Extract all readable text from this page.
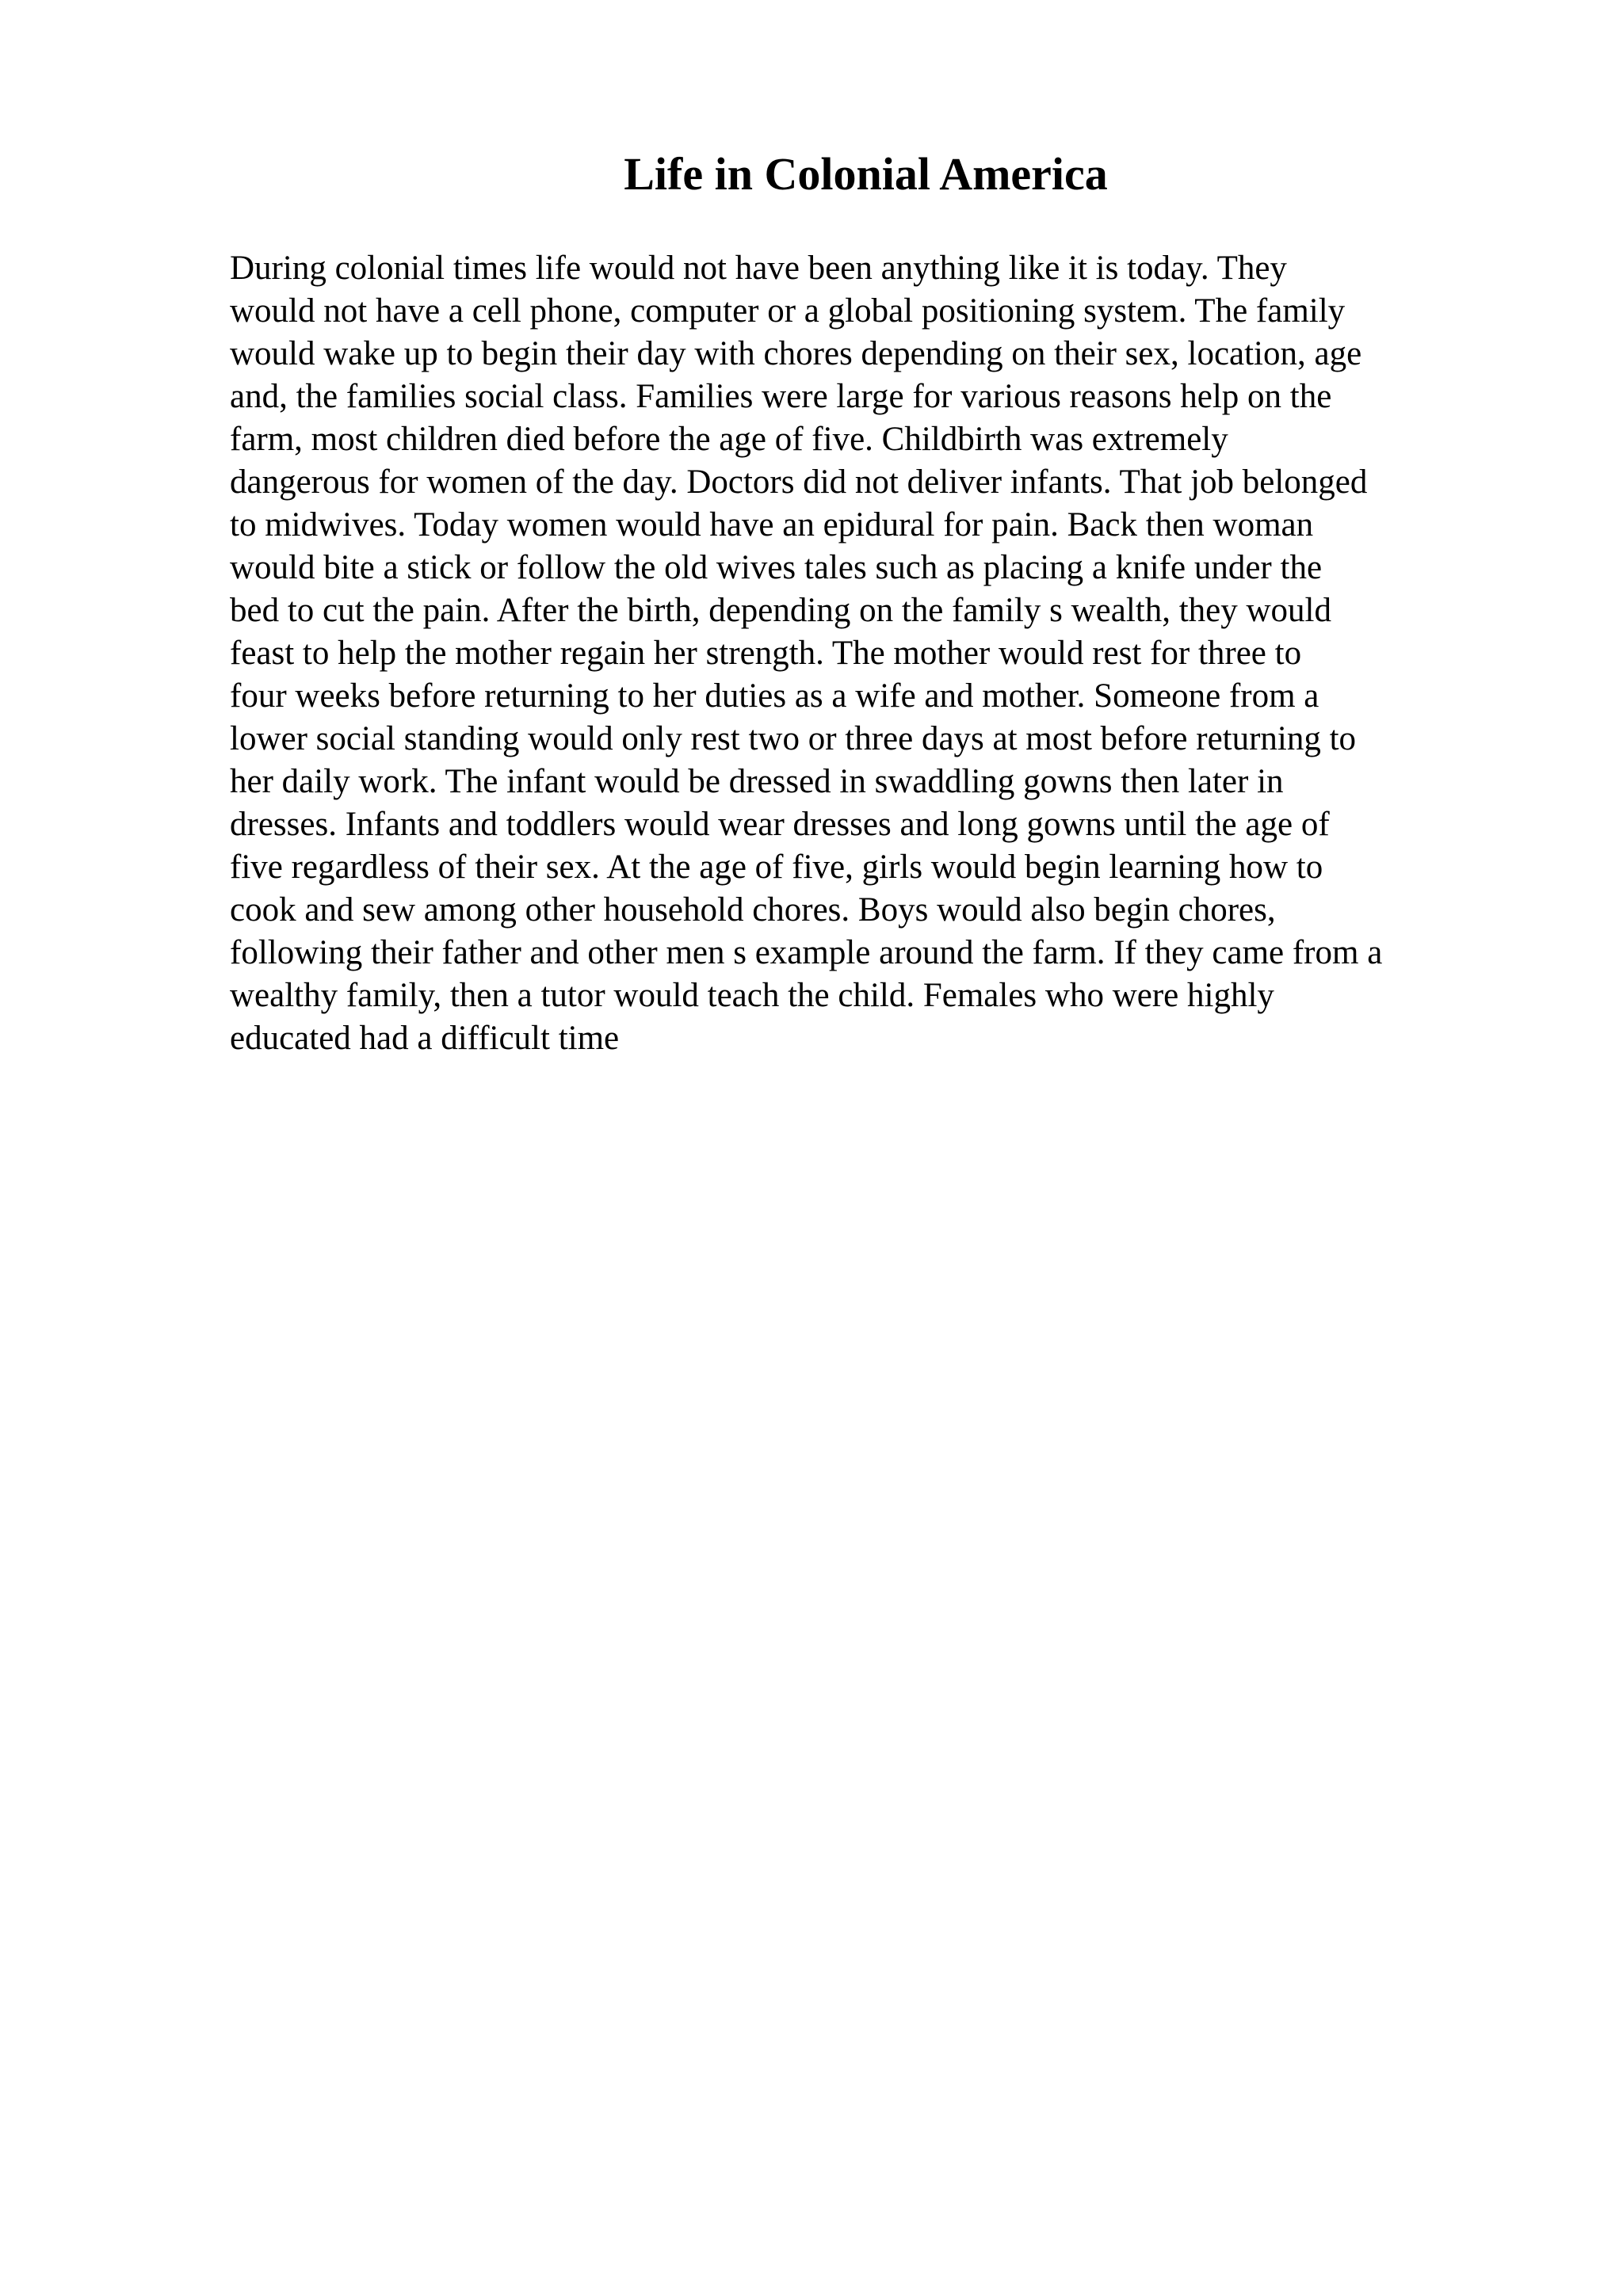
Life in Colonial America
During colonial times life would not have been anything like it is today. They
would not have a cell phone, computer or a global positioning system. The family
would wake up to begin their day with chores depending on their sex, location, age
and, the families social class. Families were large for various reasons help on the
farm, most children died before the age of five. Childbirth was extremely
dangerous for women of the day. Doctors did not deliver infants. That job belonged
to midwives. Today women would have an epidural for pain. Back then woman
would bite a stick or follow the old wives tales such as placing a knife under the
bed to cut the pain. After the birth, depending on the family s wealth, they would
feast to help the mother regain her strength. The mother would rest for three to
four weeks before returning to her duties as a wife and mother. Someone from a
lower social standing would only rest two or three days at most before returning to
her daily work. The infant would be dressed in swaddling gowns then later in
dresses. Infants and toddlers would wear dresses and long gowns until the age of
five regardless of their sex. At the age of five, girls would begin learning how to
cook and sew among other household chores. Boys would also begin chores,
following their father and other men s example around the farm. If they came from a
wealthy family, then a tutor would teach the child. Females who were highly
educated had a difficult time
